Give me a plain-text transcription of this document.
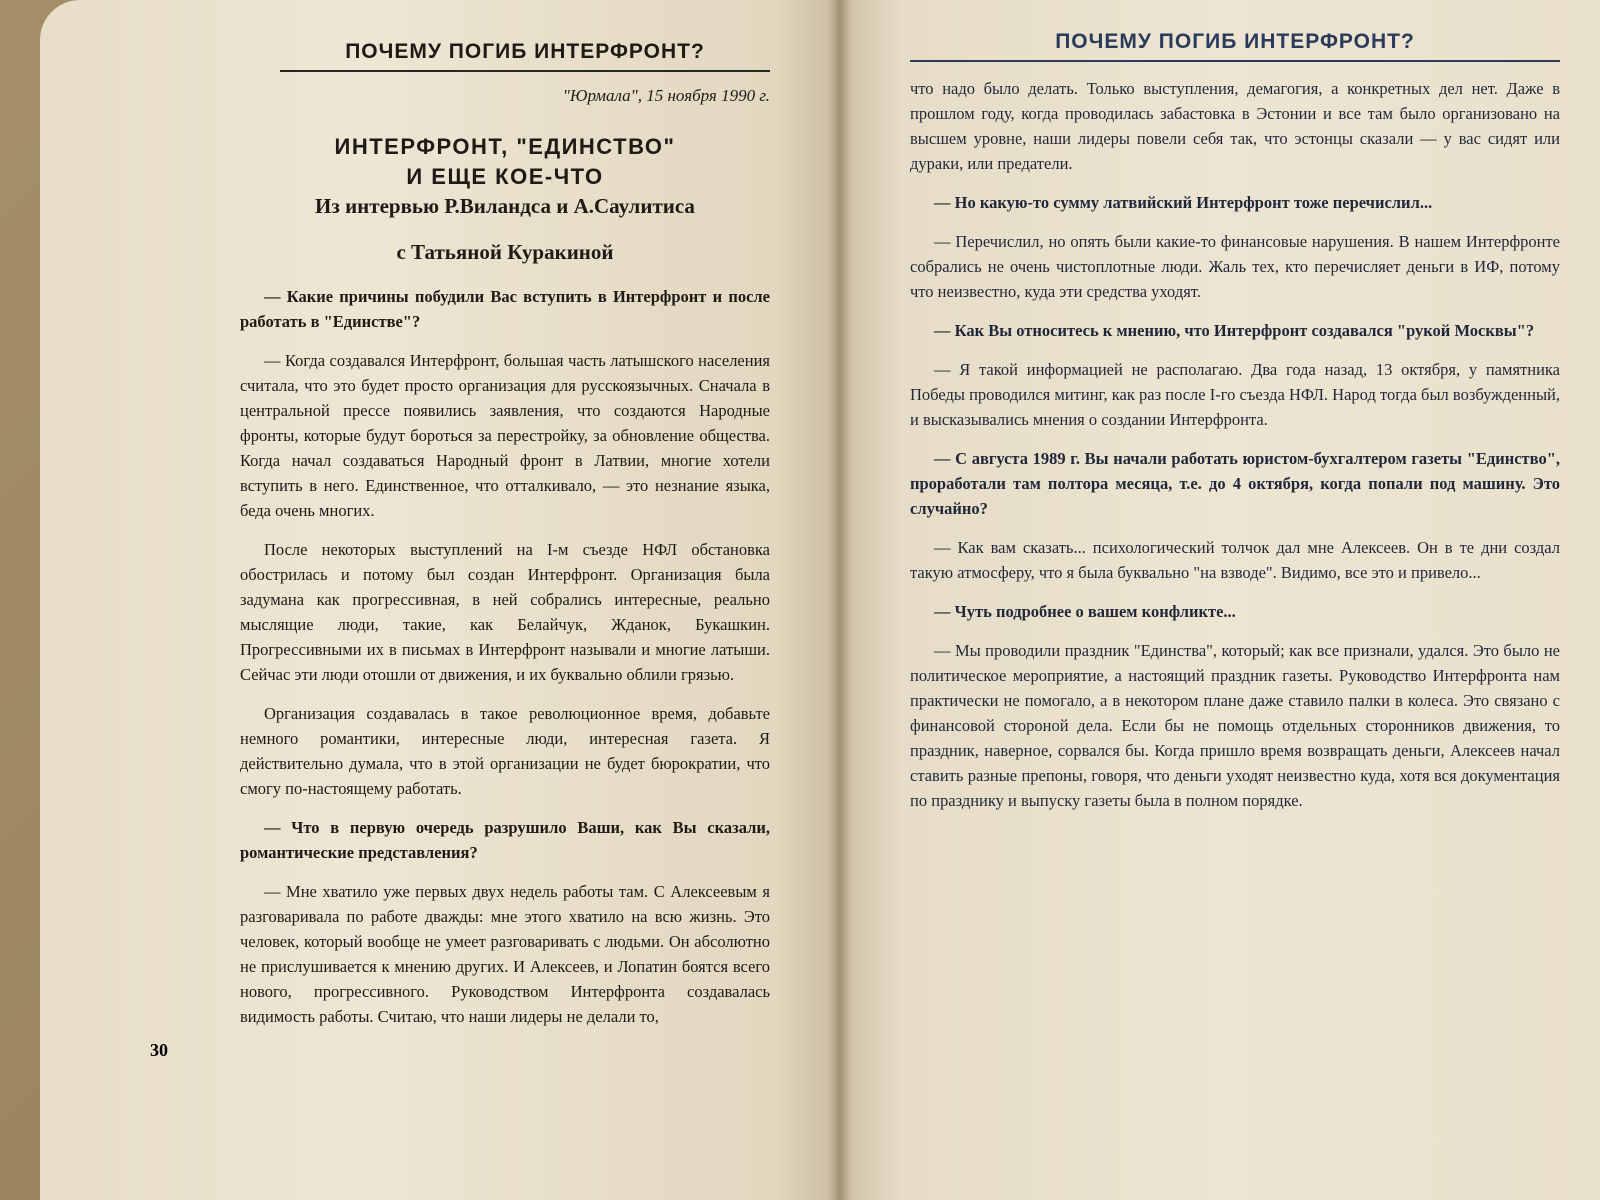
ПОЧЕМУ ПОГИБ ИНТЕРФРОНТ?
"Юрмала", 15 ноября 1990 г.
ИНТЕРФРОНТ, "ЕДИНСТВО"
И ЕЩЕ КОЕ-ЧТО
Из интервью Р.Виландса и А.Саулитиса
с Татьяной Куракиной

— Какие причины побудили Вас вступить в Интерфронт и после работать в "Единстве"?

— Когда создавался Интерфронт, большая часть латышского населения считала, что это будет просто организация для русскоязычных. Сначала в центральной прессе появились заявления, что создаются Народные фронты, которые будут бороться за перестройку, за обновление общества. Когда начал создаваться Народный фронт в Латвии, многие хотели вступить в него. Единственное, что отталкивало, — это незнание языка, беда очень многих.

После некоторых выступлений на I-м съезде НФЛ обстановка обострилась и потому был создан Интерфронт. Организация была задумана как прогрессивная, в ней собрались интересные, реально мыслящие люди, такие, как Белайчук, Жданок, Букашкин. Прогрессивными их в письмах в Интерфронт называли и многие латыши. Сейчас эти люди отошли от движения, и их буквально облили грязью.

Организация создавалась в такое революционное время, добавьте немного романтики, интересные люди, интересная газета. Я действительно думала, что в этой организации не будет бюрократии, что смогу по-настоящему работать.

— Что в первую очередь разрушило Ваши, как Вы сказали, романтические представления?

— Мне хватило уже первых двух недель работы там. С Алексеевым я разговаривала по работе дважды: мне этого хватило на всю жизнь. Это человек, который вообще не умеет разговаривать с людьми. Он абсолютно не прислушивается к мнению других. И Алексеев, и Лопатин боятся всего нового, прогрессивного. Руководством Интерфронта создавалась видимость работы. Считаю, что наши лидеры не делали то,

30
ПОЧЕМУ ПОГИБ ИНТЕРФРОНТ?

что надо было делать. Только выступления, демагогия, а конкретных дел нет. Даже в прошлом году, когда проводилась забастовка в Эстонии и все там было организовано на высшем уровне, наши лидеры повели себя так, что эстонцы сказали — у вас сидят или дураки, или предатели.

— Но какую-то сумму латвийский Интерфронт тоже перечислил...

— Перечислил, но опять были какие-то финансовые нарушения. В нашем Интерфронте собрались не очень чистоплотные люди. Жаль тех, кто перечисляет деньги в ИФ, потому что неизвестно, куда эти средства уходят.

— Как Вы относитесь к мнению, что Интерфронт создавался "рукой Москвы"?

— Я такой информацией не располагаю. Два года назад, 13 октября, у памятника Победы проводился митинг, как раз после I-го съезда НФЛ. Народ тогда был возбужденный, и высказывались мнения о создании Интерфронта.

— С августа 1989 г. Вы начали работать юристом-бухгалтером газеты "Единство", проработали там полтора месяца, т.е. до 4 октября, когда попали под машину. Это случайно?

— Как вам сказать... психологический толчок дал мне Алексеев. Он в те дни создал такую атмосферу, что я была буквально "на взводе". Видимо, все это и привело...

— Чуть подробнее о вашем конфликте...

— Мы проводили праздник "Единства", который; как все признали, удался. Это было не политическое мероприятие, а настоящий праздник газеты. Руководство Интерфронта нам практически не помогало, а в некотором плане даже ставило палки в колеса. Это связано с финансовой стороной дела. Если бы не помощь отдельных сторонников движения, то праздник, наверное, сорвался бы. Когда пришло время возвращать деньги, Алексеев начал ставить разные препоны, говоря, что деньги уходят неизвестно куда, хотя вся документация по празднику и выпуску газеты была в полном порядке.
